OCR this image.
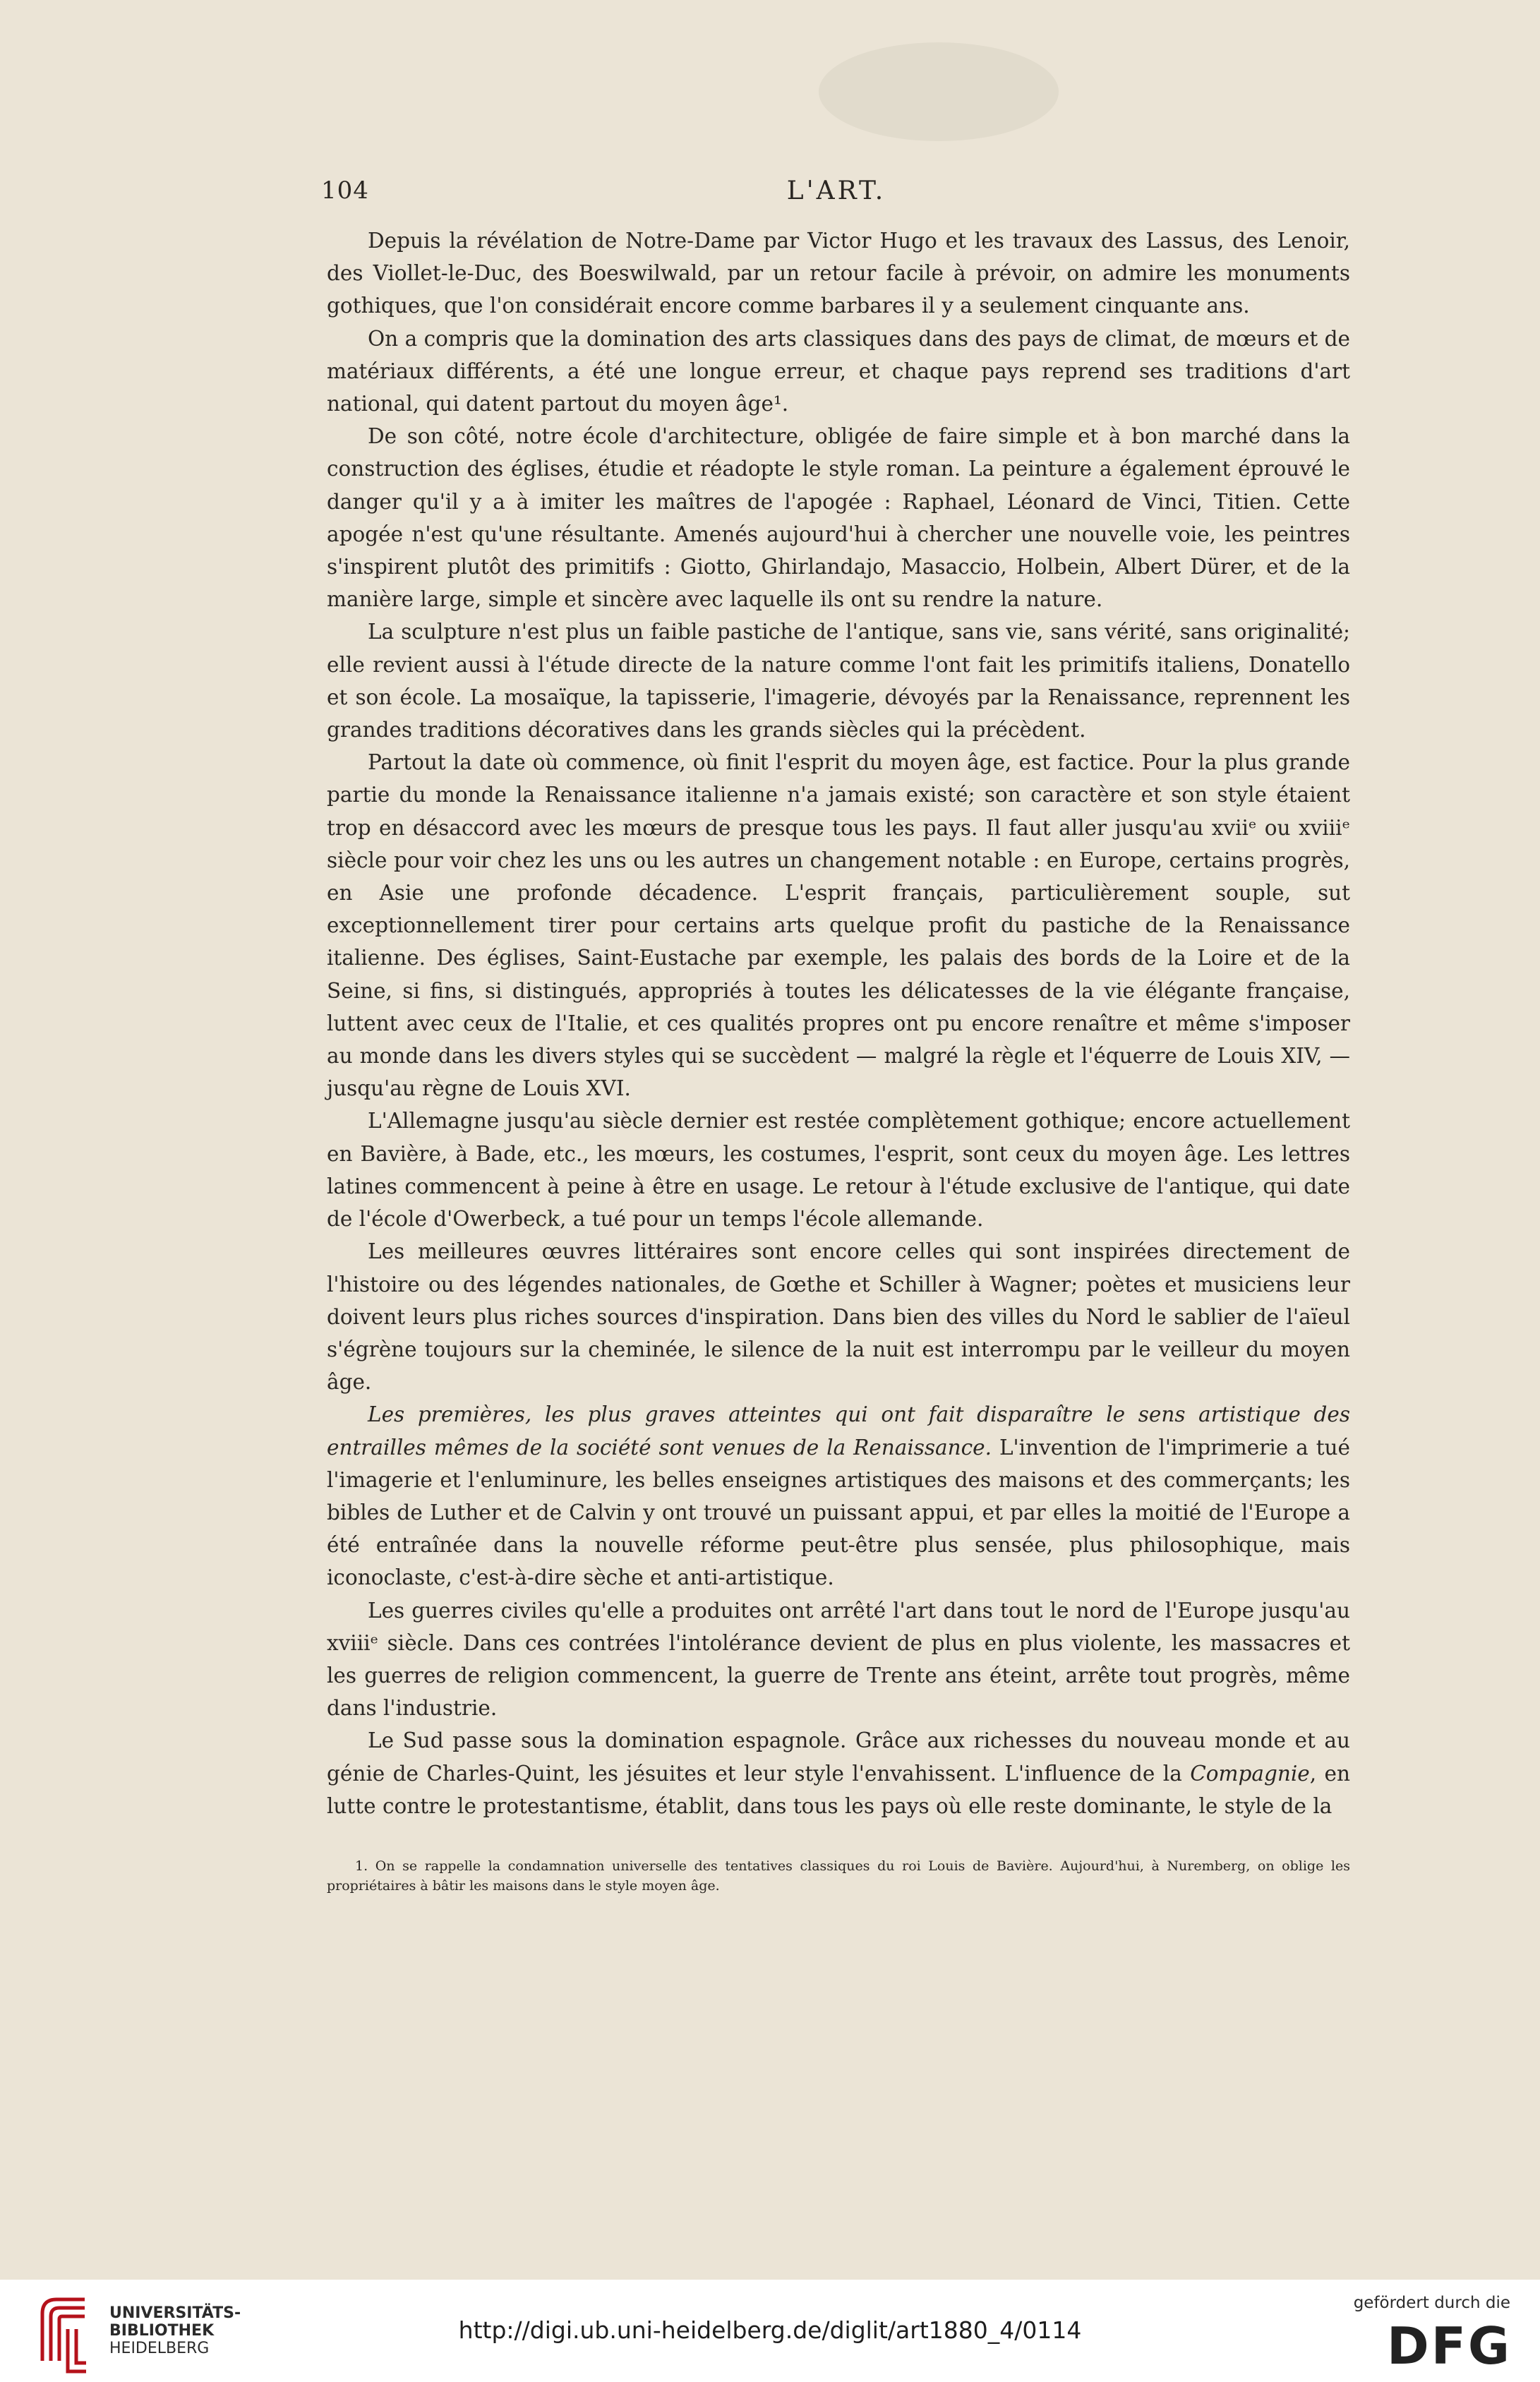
104	L'ART.

Depuis la révélation de Notre-Dame par Victor Hugo et les travaux des Lassus, des Lenoir, des Viollet-le-Duc, des Boeswilwald, par un retour facile à prévoir, on admire les monuments gothiques, que l'on considérait encore comme barbares il y a seulement cinquante ans.

On a compris que la domination des arts classiques dans des pays de climat, de mœurs et de matériaux différents, a été une longue erreur, et chaque pays reprend ses traditions d'art national, qui datent partout du moyen âge¹.

De son côté, notre école d'architecture, obligée de faire simple et à bon marché dans la construction des églises, étudie et réadopte le style roman. La peinture a également éprouvé le danger qu'il y a à imiter les maîtres de l'apogée : Raphael, Léonard de Vinci, Titien. Cette apogée n'est qu'une résultante. Amenés aujourd'hui à chercher une nouvelle voie, les peintres s'inspirent plutôt des primitifs : Giotto, Ghirlandajo, Masaccio, Holbein, Albert Dürer, et de la manière large, simple et sincère avec laquelle ils ont su rendre la nature.

La sculpture n'est plus un faible pastiche de l'antique, sans vie, sans vérité, sans originalité; elle revient aussi à l'étude directe de la nature comme l'ont fait les primitifs italiens, Donatello et son école. La mosaïque, la tapisserie, l'imagerie, dévoyés par la Renaissance, reprennent les grandes traditions décoratives dans les grands siècles qui la précèdent.

Partout la date où commence, où finit l'esprit du moyen âge, est factice. Pour la plus grande partie du monde la Renaissance italienne n'a jamais existé; son caractère et son style étaient trop en désaccord avec les mœurs de presque tous les pays. Il faut aller jusqu'au xviiᵉ ou xviiiᵉ siècle pour voir chez les uns ou les autres un changement notable : en Europe, certains progrès, en Asie une profonde décadence. L'esprit français, particulièrement souple, sut exceptionnellement tirer pour certains arts quelque profit du pastiche de la Renaissance italienne. Des églises, Saint-Eustache par exemple, les palais des bords de la Loire et de la Seine, si fins, si distingués, appropriés à toutes les délicatesses de la vie élégante française, luttent avec ceux de l'Italie, et ces qualités propres ont pu encore renaître et même s'imposer au monde dans les divers styles qui se succèdent — malgré la règle et l'équerre de Louis XIV, — jusqu'au règne de Louis XVI.

L'Allemagne jusqu'au siècle dernier est restée complètement gothique; encore actuellement en Bavière, à Bade, etc., les mœurs, les costumes, l'esprit, sont ceux du moyen âge. Les lettres latines commencent à peine à être en usage. Le retour à l'étude exclusive de l'antique, qui date de l'école d'Owerbeck, a tué pour un temps l'école allemande.

Les meilleures œuvres littéraires sont encore celles qui sont inspirées directement de l'histoire ou des légendes nationales, de Gœthe et Schiller à Wagner; poètes et musiciens leur doivent leurs plus riches sources d'inspiration. Dans bien des villes du Nord le sablier de l'aïeul s'égrène toujours sur la cheminée, le silence de la nuit est interrompu par le veilleur du moyen âge.

Les premières, les plus graves atteintes qui ont fait disparaître le sens artistique des entrailles mêmes de la société sont venues de la Renaissance. L'invention de l'imprimerie a tué l'imagerie et l'enluminure, les belles enseignes artistiques des maisons et des commerçants; les bibles de Luther et de Calvin y ont trouvé un puissant appui, et par elles la moitié de l'Europe a été entraînée dans la nouvelle réforme peut-être plus sensée, plus philosophique, mais iconoclaste, c'est-à-dire sèche et anti-artistique.

Les guerres civiles qu'elle a produites ont arrêté l'art dans tout le nord de l'Europe jusqu'au xviiiᵉ siècle. Dans ces contrées l'intolérance devient de plus en plus violente, les massacres et les guerres de religion commencent, la guerre de Trente ans éteint, arrête tout progrès, même dans l'industrie.

Le Sud passe sous la domination espagnole. Grâce aux richesses du nouveau monde et au génie de Charles-Quint, les jésuites et leur style l'envahissent. L'influence de la Compagnie, en lutte contre le protestantisme, établit, dans tous les pays où elle reste dominante, le style de la

1. On se rappelle la condamnation universelle des tentatives classiques du roi Louis de Bavière. Aujourd'hui, à Nuremberg, on oblige les propriétaires à bâtir les maisons dans le style moyen âge.

UNIVERSITÄTS-
BIBLIOTHEK
HEIDELBERG
http://digi.ub.uni-heidelberg.de/diglit/art1880_4/0114
gefördert durch die
DFG
